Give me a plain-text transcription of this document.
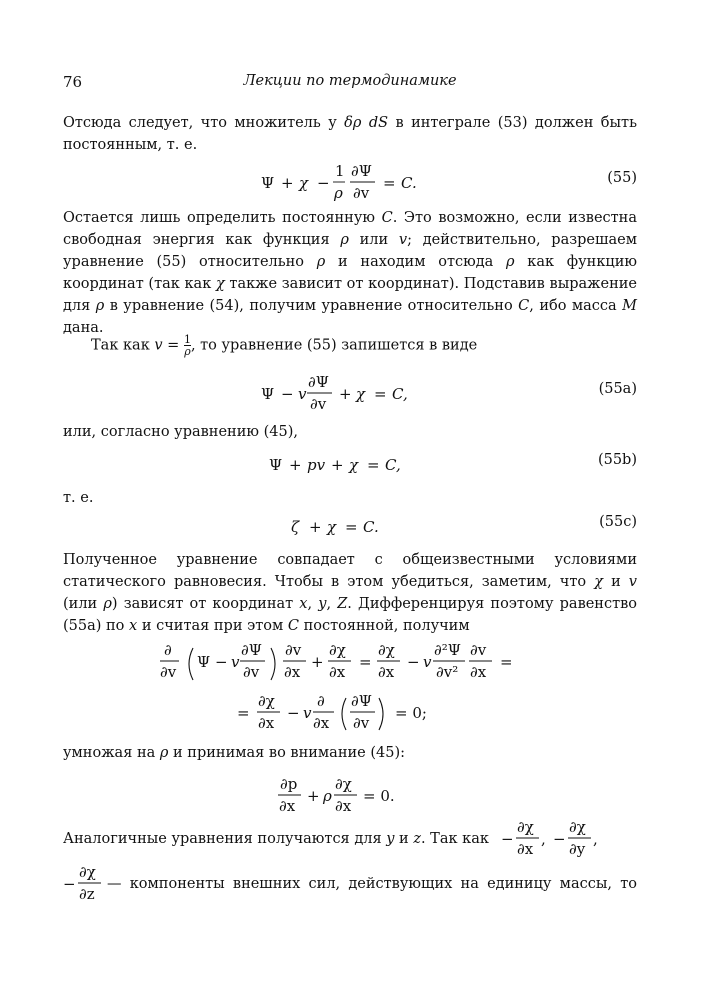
76	Лекции по термодинамике
Отсюда следует, что множитель у δρ dS в интеграле (53) должен быть постоянным, т. е.
Ψ + χ −
1
ρ
∂Ψ
∂v
= C.	(55)
Остается лишь определить постоянную C. Это возможно, если известна свободная энергия как функция ρ или v; действительно, разрешаем уравнение (55) относительно ρ и находим отсюда ρ как функцию координат (так как χ также зависит от координат). Подставив выражение для ρ в уравнение (54), получим уравнение относительно C, ибо масса M дана.
Так как $v = \frac{1}{\rho}$ , то уравнение (55) запишется в виде
Ψ − v
∂Ψ
∂v
+ χ = C,	(55a)
или, согласно уравнению (45),
Ψ + pv + χ = C,	(55b)
т. е.
ζ + χ = C.	(55c)
Полученное уравнение совпадает с общеизвестными условиями статического равновесия. Чтобы в этом убедиться, заметим, что χ и v (или ρ) зависят от координат x, y, Z. Дифференцируя поэтому равенство (55a) по x и считая при этом C постоянной, получим
∂
∂v
Ψ − v
∂Ψ
∂v
∂v
∂x
+
∂χ
∂x
=
∂χ
∂x
− v
∂²Ψ
∂v²
∂v
∂x
=
=
∂χ
∂x
− v
∂
∂x
∂Ψ
∂v
= 0;
умножая на ρ и принимая во внимание (45):
∂p
∂x
+ ρ
∂χ
∂x
= 0.
Аналогичные уравнения получаются для y и z. Так как −
∂χ
∂x
, −
∂χ
∂y
,
−
∂χ
∂z
— компоненты внешних сил, действующих на единицу массы, то
